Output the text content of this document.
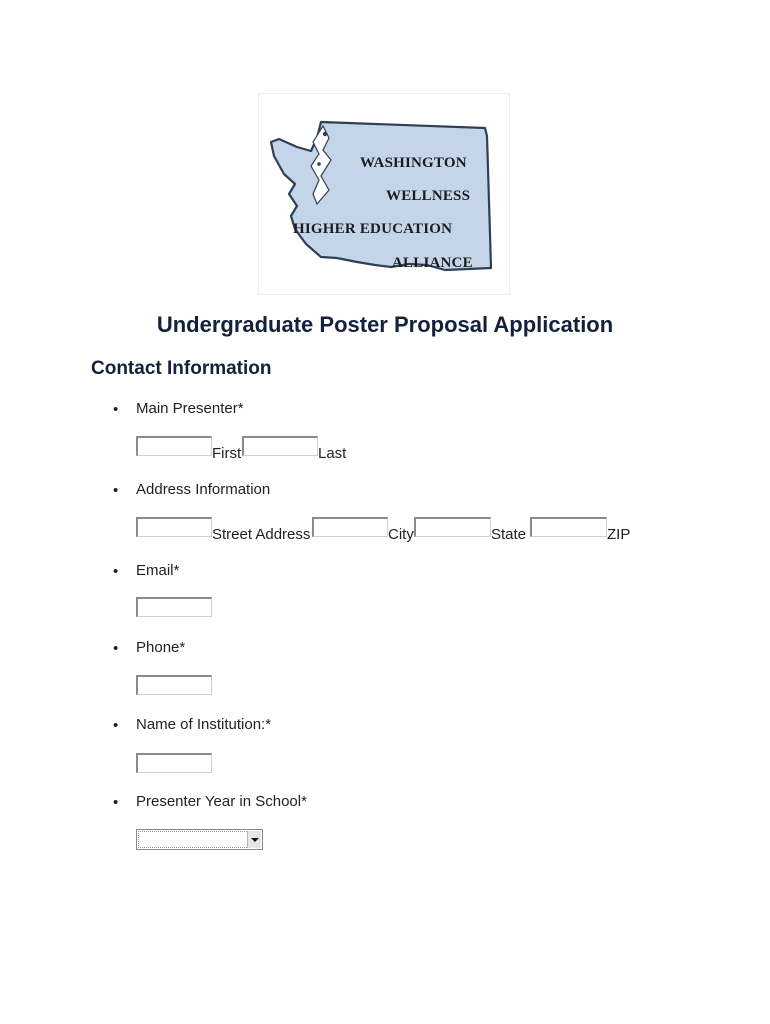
WASHINGTON
WELLNESS
HIGHER EDUCATION
ALLIANCE
Undergraduate Poster Proposal Application
Contact Information
• Main Presenter*
First	Last
• Address Information
Street Address	City	State	ZIP
• Email*
• Phone*
• Name of Institution:*
• Presenter Year in School*
